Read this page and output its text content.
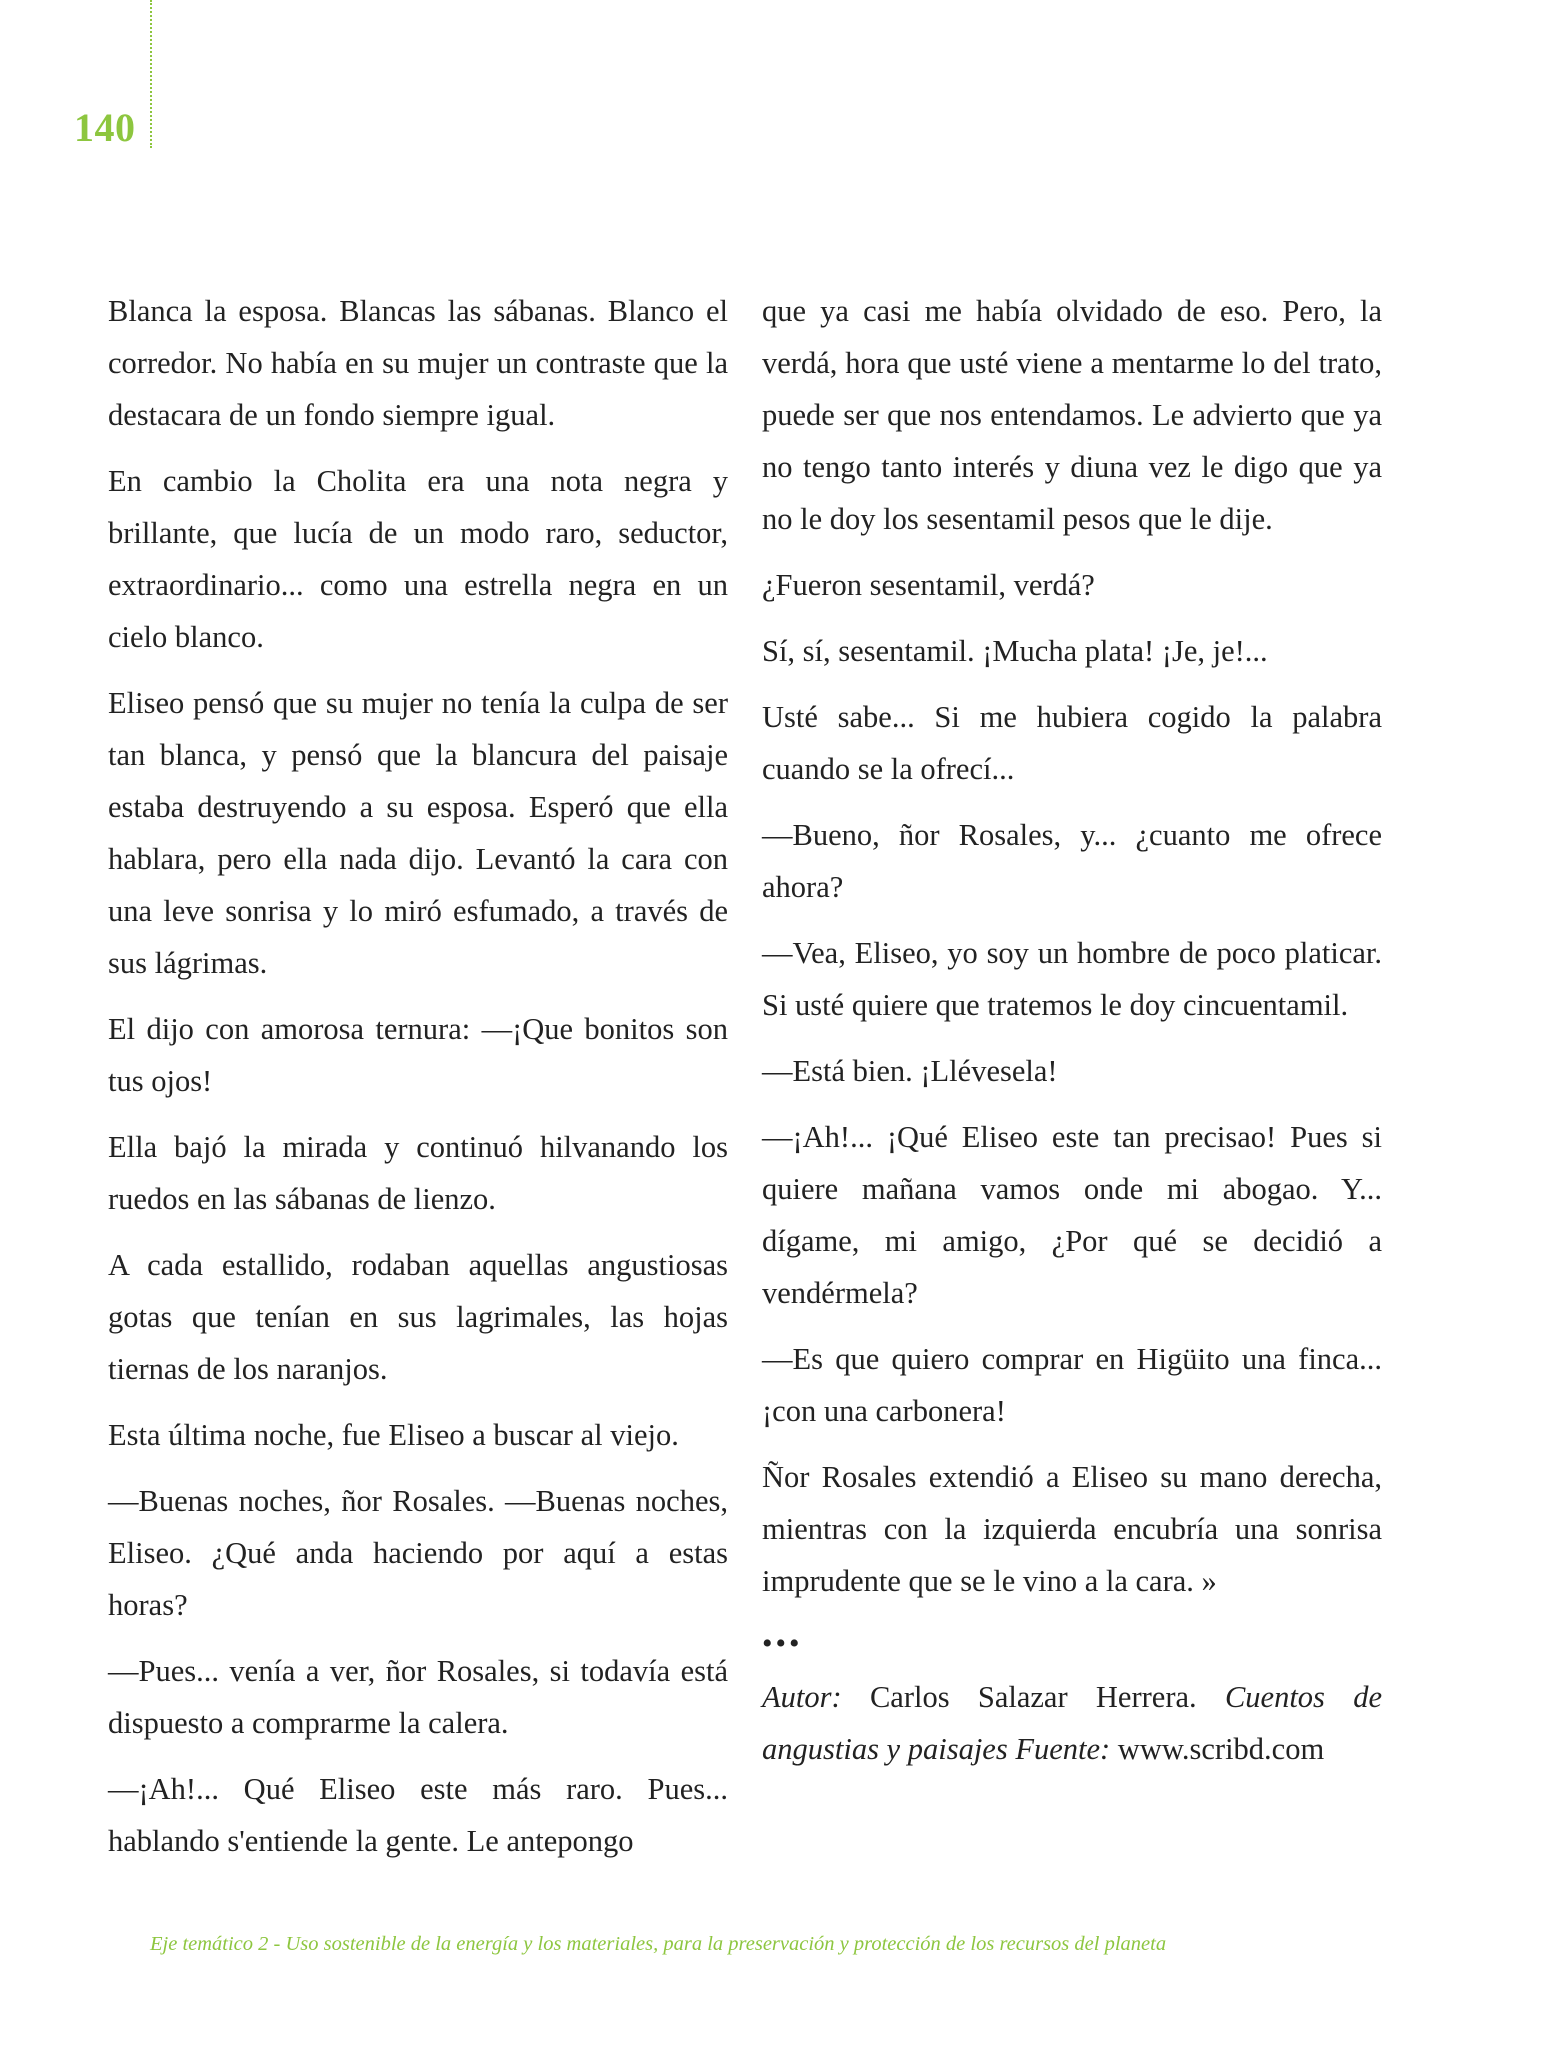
140

Blanca la esposa. Blancas las sábanas. Blanco el corredor. No había en su mujer un contraste que la destacara de un fondo siempre igual.

En cambio la Cholita era una nota negra y brillante, que lucía de un modo raro, seductor, extraordinario... como una estrella negra en un cielo blanco.

Eliseo pensó que su mujer no tenía la culpa de ser tan blanca, y pensó que la blancura del paisaje estaba destruyendo a su esposa. Esperó que ella hablara, pero ella nada dijo. Levantó la cara con una leve sonrisa y lo miró esfumado, a través de sus lágrimas.

El dijo con amorosa ternura: —¡Que bonitos son tus ojos!

Ella bajó la mirada y continuó hilvanando los ruedos en las sábanas de lienzo.

A cada estallido, rodaban aquellas angustiosas gotas que tenían en sus lagrimales, las hojas tiernas de los naranjos.

Esta última noche, fue Eliseo a buscar al viejo.

—Buenas noches, ñor Rosales. —Buenas noches, Eliseo. ¿Qué anda haciendo por aquí a estas horas?

—Pues... venía a ver, ñor Rosales, si todavía está dispuesto a comprarme la calera.

—¡Ah!... Qué Eliseo este más raro. Pues... hablando s'entiende la gente. Le antepongo

que ya casi me había olvidado de eso. Pero, la verdá, hora que usté viene a mentarme lo del trato, puede ser que nos entendamos. Le advierto que ya no tengo tanto interés y diuna vez le digo que ya no le doy los sesentamil pesos que le dije.

¿Fueron sesentamil, verdá?

Sí, sí, sesentamil. ¡Mucha plata! ¡Je, je!...

Usté sabe... Si me hubiera cogido la palabra cuando se la ofrecí...

—Bueno, ñor Rosales, y... ¿cuanto me ofrece ahora?

—Vea, Eliseo, yo soy un hombre de poco platicar. Si usté quiere que tratemos le doy cincuentamil.

—Está bien. ¡Llévesela!

—¡Ah!... ¡Qué Eliseo este tan precisao! Pues si quiere mañana vamos onde mi abogao. Y... dígame, mi amigo, ¿Por qué se decidió a vendérmela?

—Es que quiero comprar en Higüito una finca... ¡con una carbonera!

Ñor Rosales extendió a Eliseo su mano derecha, mientras con la izquierda encubría una sonrisa imprudente que se le vino a la cara. »

•••

Autor: Carlos Salazar Herrera. Cuentos de angustias y paisajes Fuente: www.scribd.com

Eje temático 2 - Uso sostenible de la energía y los materiales, para la preservación y protección de los recursos del planeta
